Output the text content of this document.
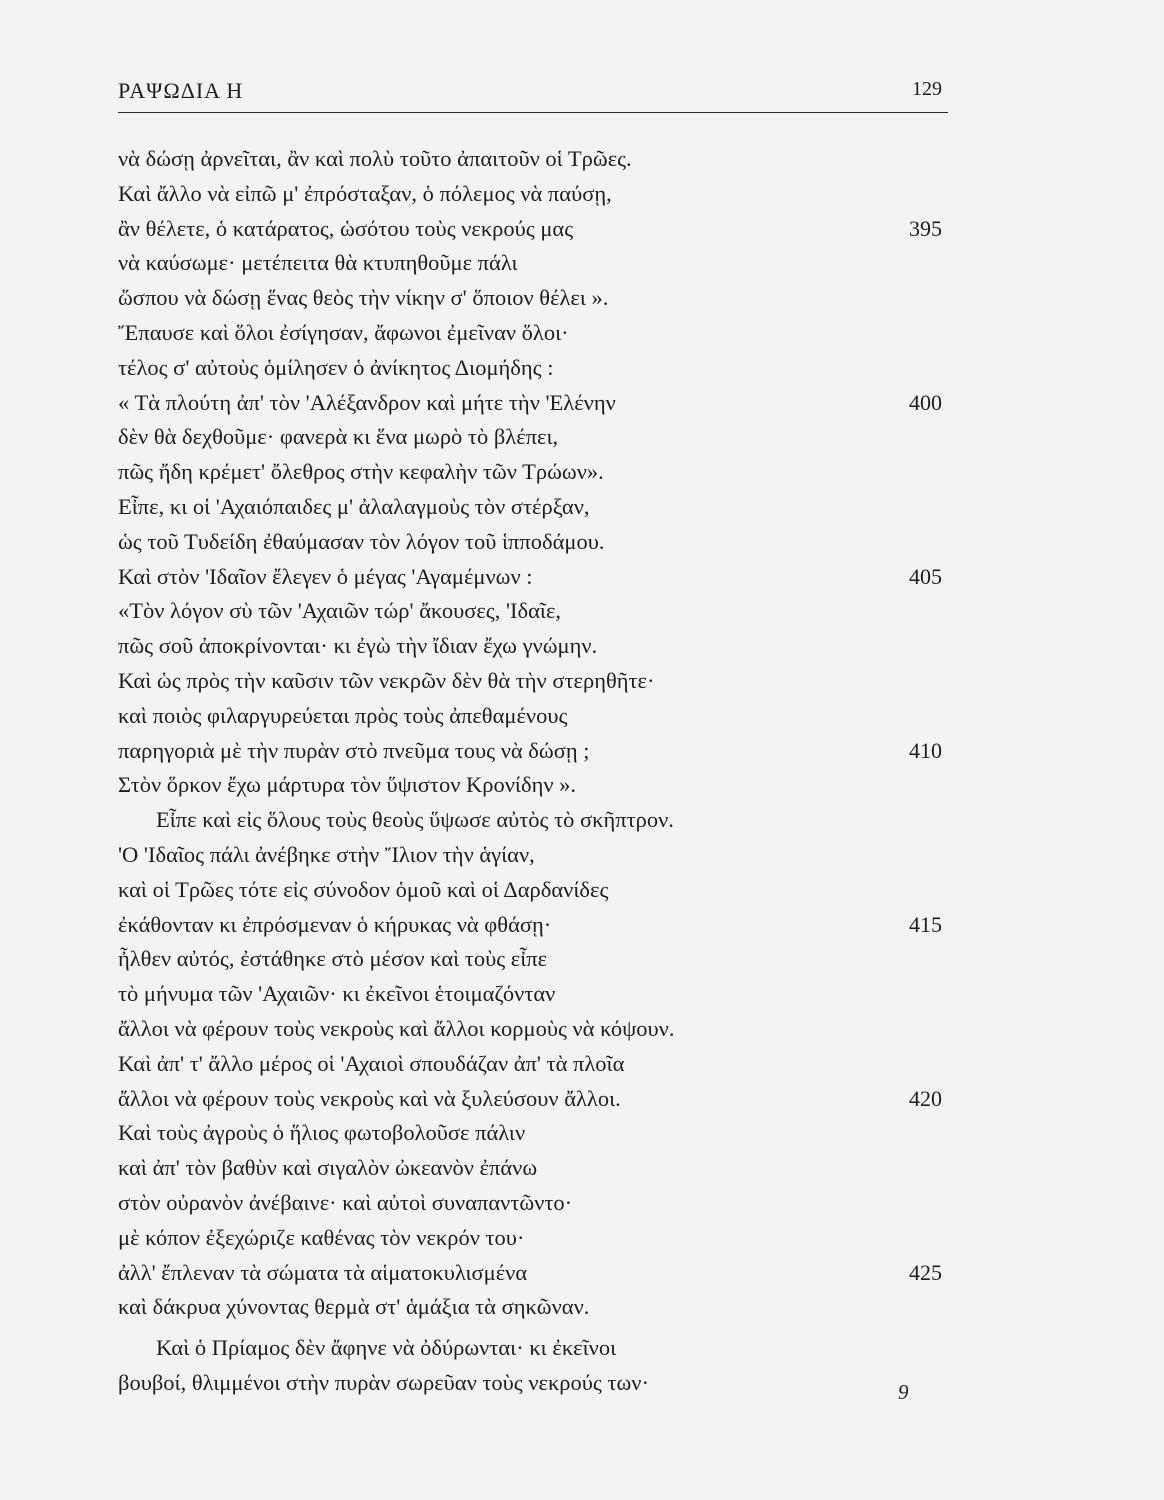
ΡΑΨΩΔΙΑ Η	129
νὰ δώσῃ ἀρνεῖται, ἂν καὶ πολὺ τοῦτο ἀπαιτοῦν οἱ Τρῶες.
Καὶ ἄλλο νὰ εἰπῶ μ' ἐπρόσταξαν, ὁ πόλεμος νὰ παύσῃ,
ἂν θέλετε, ὁ κατάρατος, ὡσότου τοὺς νεκρούς μας	395
νὰ καύσωμε· μετέπειτα θὰ κτυπηθοῦμε πάλι
ὥσπου νὰ δώσῃ ἕνας θεὸς τὴν νίκην σ' ὅποιον θέλει ».
Ἔπαυσε καὶ ὅλοι ἐσίγησαν, ἄφωνοι ἐμεῖναν ὅλοι·
τέλος σ' αὐτοὺς ὁμίλησεν ὁ ἀνίκητος Διομήδης :
« Τὰ πλούτη ἀπ' τὸν 'Αλέξανδρον καὶ μήτε τὴν 'Ελένην	400
δὲν θὰ δεχθοῦμε· φανερὰ κι ἕνα μωρὸ τὸ βλέπει,
πῶς ἤδη κρέμετ' ὄλεθρος στὴν κεφαλὴν τῶν Τρώων».
Εἶπε, κι οἱ 'Αχαιόπαιδες μ' ἀλαλαγμοὺς τὸν στέρξαν,
ὡς τοῦ Τυδείδη ἐθαύμασαν τὸν λόγον τοῦ ἱπποδάμου.
Καὶ στὸν 'Ιδαῖον ἔλεγεν ὁ μέγας 'Αγαμέμνων :	405
«Τὸν λόγον σὺ τῶν 'Αχαιῶν τώρ' ἄκουσες, 'Ιδαῖε,
πῶς σοῦ ἀποκρίνονται· κι ἐγὼ τὴν ἴδιαν ἔχω γνώμην.
Καὶ ὡς πρὸς τὴν καῦσιν τῶν νεκρῶν δὲν θὰ τὴν στερηθῆτε·
καὶ ποιὸς φιλαργυρεύεται πρὸς τοὺς ἀπεθαμένους
παρηγοριὰ μὲ τὴν πυρὰν στὸ πνεῦμα τους νὰ δώσῃ ;	410
Στὸν ὅρκον ἔχω μάρτυρα τὸν ὕψιστον Κρονίδην ».
Εἶπε καὶ εἰς ὅλους τοὺς θεοὺς ὕψωσε αὐτὸς τὸ σκῆπτρον.
'Ο 'Ιδαῖος πάλι ἀνέβηκε στὴν Ἴλιον τὴν ἁγίαν,
καὶ οἱ Τρῶες τότε εἰς σύνοδον ὁμοῦ καὶ οἱ Δαρδανίδες
ἐκάθονταν κι ἐπρόσμεναν ὁ κήρυκας νὰ φθάσῃ·	415
ἦλθεν αὐτός, ἐστάθηκε στὸ μέσον καὶ τοὺς εἶπε
τὸ μήνυμα τῶν 'Αχαιῶν· κι ἐκεῖνοι ἑτοιμαζόνταν
ἄλλοι νὰ φέρουν τοὺς νεκροὺς καὶ ἄλλοι κορμοὺς νὰ κόψουν.
Καὶ ἀπ' τ' ἄλλο μέρος οἱ 'Αχαιοὶ σπουδάζαν ἀπ' τὰ πλοῖα
ἄλλοι νὰ φέρουν τοὺς νεκροὺς καὶ νὰ ξυλεύσουν ἄλλοι.	420
Καὶ τοὺς ἀγροὺς ὁ ἥλιος φωτοβολοῦσε πάλιν
καὶ ἀπ' τὸν βαθὺν καὶ σιγαλὸν ὠκεανὸν ἐπάνω
στὸν οὐρανὸν ἀνέβαινε· καὶ αὐτοὶ συναπαντῶντο·
μὲ κόπον ἐξεχώριζε καθένας τὸν νεκρόν του·
ἀλλ' ἔπλεναν τὰ σώματα τὰ αἱματοκυλισμένα	425
καὶ δάκρυα χύνοντας θερμὰ στ' ἁμάξια τὰ σηκῶναν.
Καὶ ὁ Πρίαμος δὲν ἄφηνε νὰ ὀδύρωνται· κι ἐκεῖνοι
βουβοί, θλιμμένοι στὴν πυρὰν σωρεῦαν τοὺς νεκρούς των·	9
